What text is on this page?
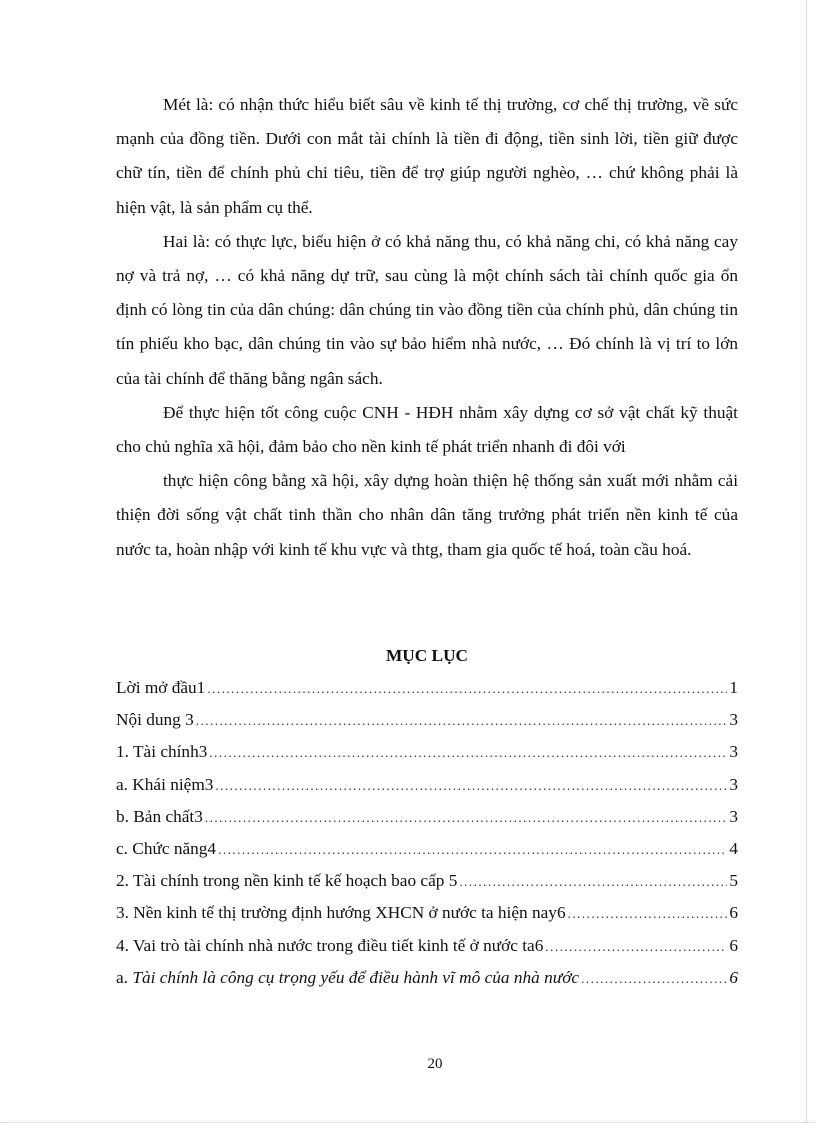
Mét là: có nhận thức hiểu biết sâu về kinh tế thị trường, cơ chế thị trường, về sức mạnh của đồng tiền. Dưới con mắt tài chính là tiền đi động, tiền sinh lời, tiền giữ được chữ tín, tiền để chính phủ chi tiêu, tiền để trợ giúp người nghèo, … chứ không phải là hiện vật, là sản phẩm cụ thể.

Hai là: có thực lực, biểu hiện ở có khả năng thu, có khả năng chi, có khả năng cay nợ và trả nợ, … có khả năng dự trữ, sau cùng là một chính sách tài chính quốc gia ổn định có lòng tin của dân chúng: dân chúng tin vào đồng tiền của chính phủ, dân chúng tin tín phiếu kho bạc, dân chúng tin vào sự bảo hiểm nhà nước, … Đó chính là vị trí to lớn của tài chính để thăng bằng ngân sách.

Để thực hiện tốt công cuộc CNH - HĐH nhằm xây dựng cơ sở vật chất kỹ thuật cho chủ nghĩa xã hội, đảm bảo cho nền kinh tế phát triển nhanh đi đôi với

thực hiện công bằng xã hội, xây dựng hoàn thiện hệ thống sản xuất mới nhằm cải thiện đời sống vật chất tinh thần cho nhân dân tăng trưởng phát triển nền kinh tế của nước ta, hoàn nhập với kinh tế khu vực và thtg, tham gia quốc tế hoá, toàn cầu hoá.

MỤC LỤC
Lời mở đầu1 .....	1
Nội dung 3 .....	3
1. Tài chính3 .....	3
a. Khái niệm3 .....	3
b. Bản chất3 .....	3
c. Chức năng4 .....	4
2. Tài chính trong nền kinh tế kế hoạch bao cấp 5 .....	5
3. Nền kinh tế thị trường định hướng XHCN ở nước ta hiện nay6 .....	6
4. Vai trò tài chính nhà nước trong điều tiết kinh tế ở nước ta6 .....	6
a. Tài chính là công cụ trọng yếu để điều hành vĩ mô của nhà nước .....	6
20
